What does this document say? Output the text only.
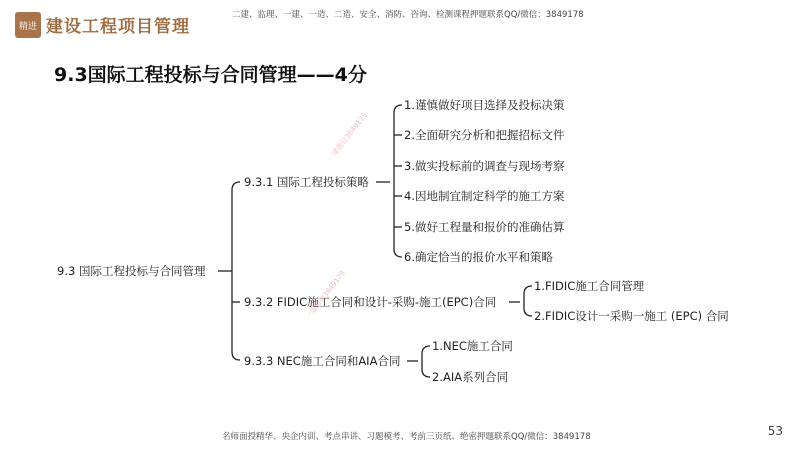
精进 建设工程项目管理
二建、监理、一建、一造、二造、安全、消防、咨询、检测课程押题联系QQ/微信：3849178
9.3国际工程投标与合同管理——4分
9.3 国际工程投标与合同管理
9.3.1 国际工程投标策略
1.谨慎做好项目选择及投标决策
2.全面研究分析和把握招标文件
3.做实投标前的调查与现场考察
4.因地制宜制定科学的施工方案
5.做好工程量和报价的准确估算
6.确定恰当的报价水平和策略
9.3.2 FIDIC施工合同和设计-采购-施工(EPC)合同
1.FIDIC施工合同管理
2.FIDIC设计一采购一施工 (EPC) 合同
9.3.3 NEC施工合同和AIA合同
1.NEC施工合同
2.AIA系列合同
一建微信3849178
一建微信3849178
名师面授精华、央企内训、考点串讲、习题模考、考前三页纸、绝密押题联系QQ/微信：3849178	53
